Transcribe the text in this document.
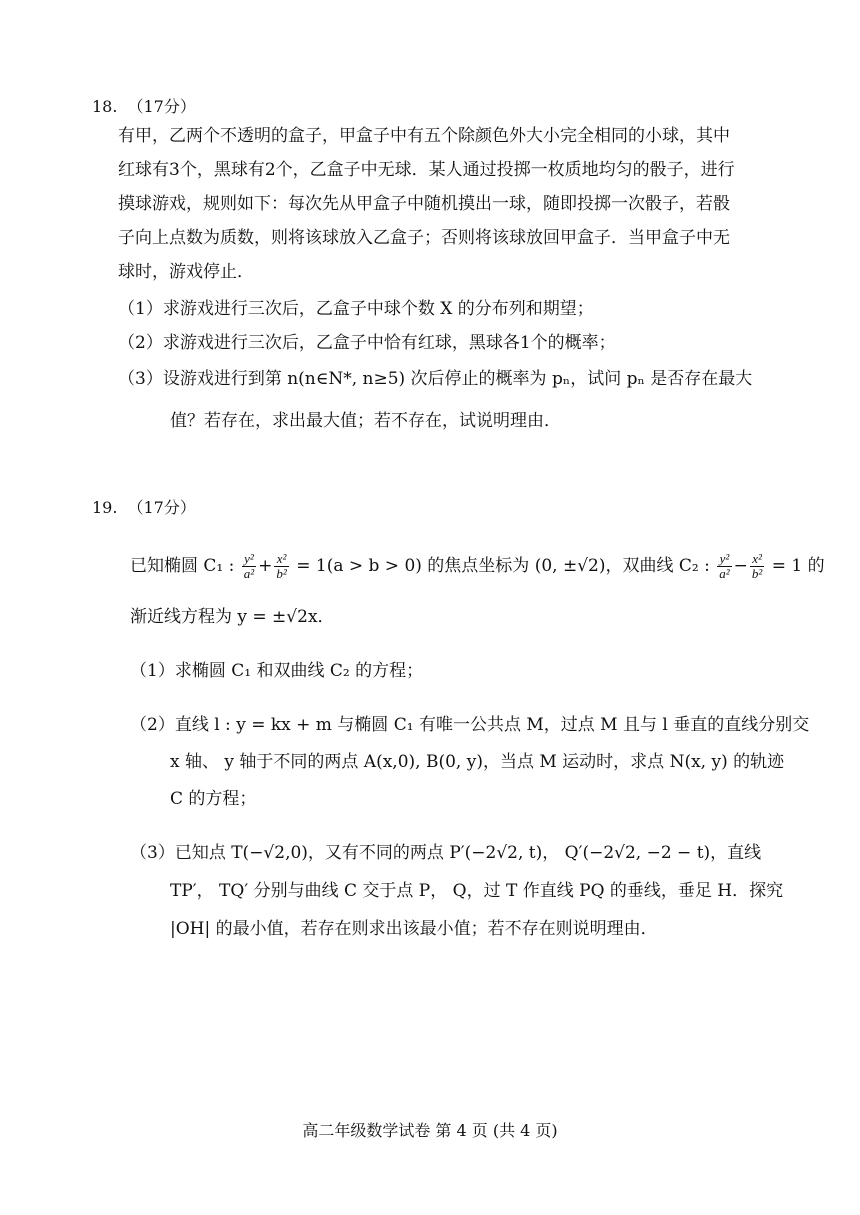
18. （17分）
有甲，乙两个不透明的盒子，甲盒子中有五个除颜色外大小完全相同的小球，其中
红球有3个，黑球有2个，乙盒子中无球．某人通过投掷一枚质地均匀的骰子，进行
摸球游戏，规则如下：每次先从甲盒子中随机摸出一球，随即投掷一次骰子，若骰
子向上点数为质数，则将该球放入乙盒子；否则将该球放回甲盒子．当甲盒子中无
球时，游戏停止．
（1）求游戏进行三次后，乙盒子中球个数 X 的分布列和期望；
（2）求游戏进行三次后，乙盒子中恰有红球，黑球各1个的概率；
（3）设游戏进行到第 n(n∈N*, n≥5) 次后停止的概率为 pₙ，试问 pₙ 是否存在最大
值？若存在，求出最大值；若不存在，试说明理由．
19. （17分）
已知椭圆 C₁ : $\frac{\text{y²}}{\text{a²}} + \frac{\text{x²}}{\text{b²}} = 1(a > b > 0)$ 的焦点坐标为 (0, ±√2)，双曲线 C₂ : $\frac{\text{y²}}{\text{a²}} - \frac{\text{x²}}{\text{b²}} = 1$ 的
渐近线方程为 y = ±√2x．
（1）求椭圆 C₁ 和双曲线 C₂ 的方程；
（2）直线 l : y = kx + m 与椭圆 C₁ 有唯一公共点 M，过点 M 且与 l 垂直的直线分别交
x 轴、 y 轴于不同的两点 A(x,0), B(0, y)，当点 M 运动时，求点 N(x, y) 的轨迹
C 的方程；
（3）已知点 T(−√2,0)，又有不同的两点 P′(−2√2, t)， Q′(−2√2, −2 − t)，直线
TP′， TQ′ 分别与曲线 C 交于点 P， Q，过 T 作直线 PQ 的垂线，垂足 H．探究
|OH| 的最小值，若存在则求出该最小值；若不存在则说明理由．
高二年级数学试卷 第 4 页 (共 4 页)
